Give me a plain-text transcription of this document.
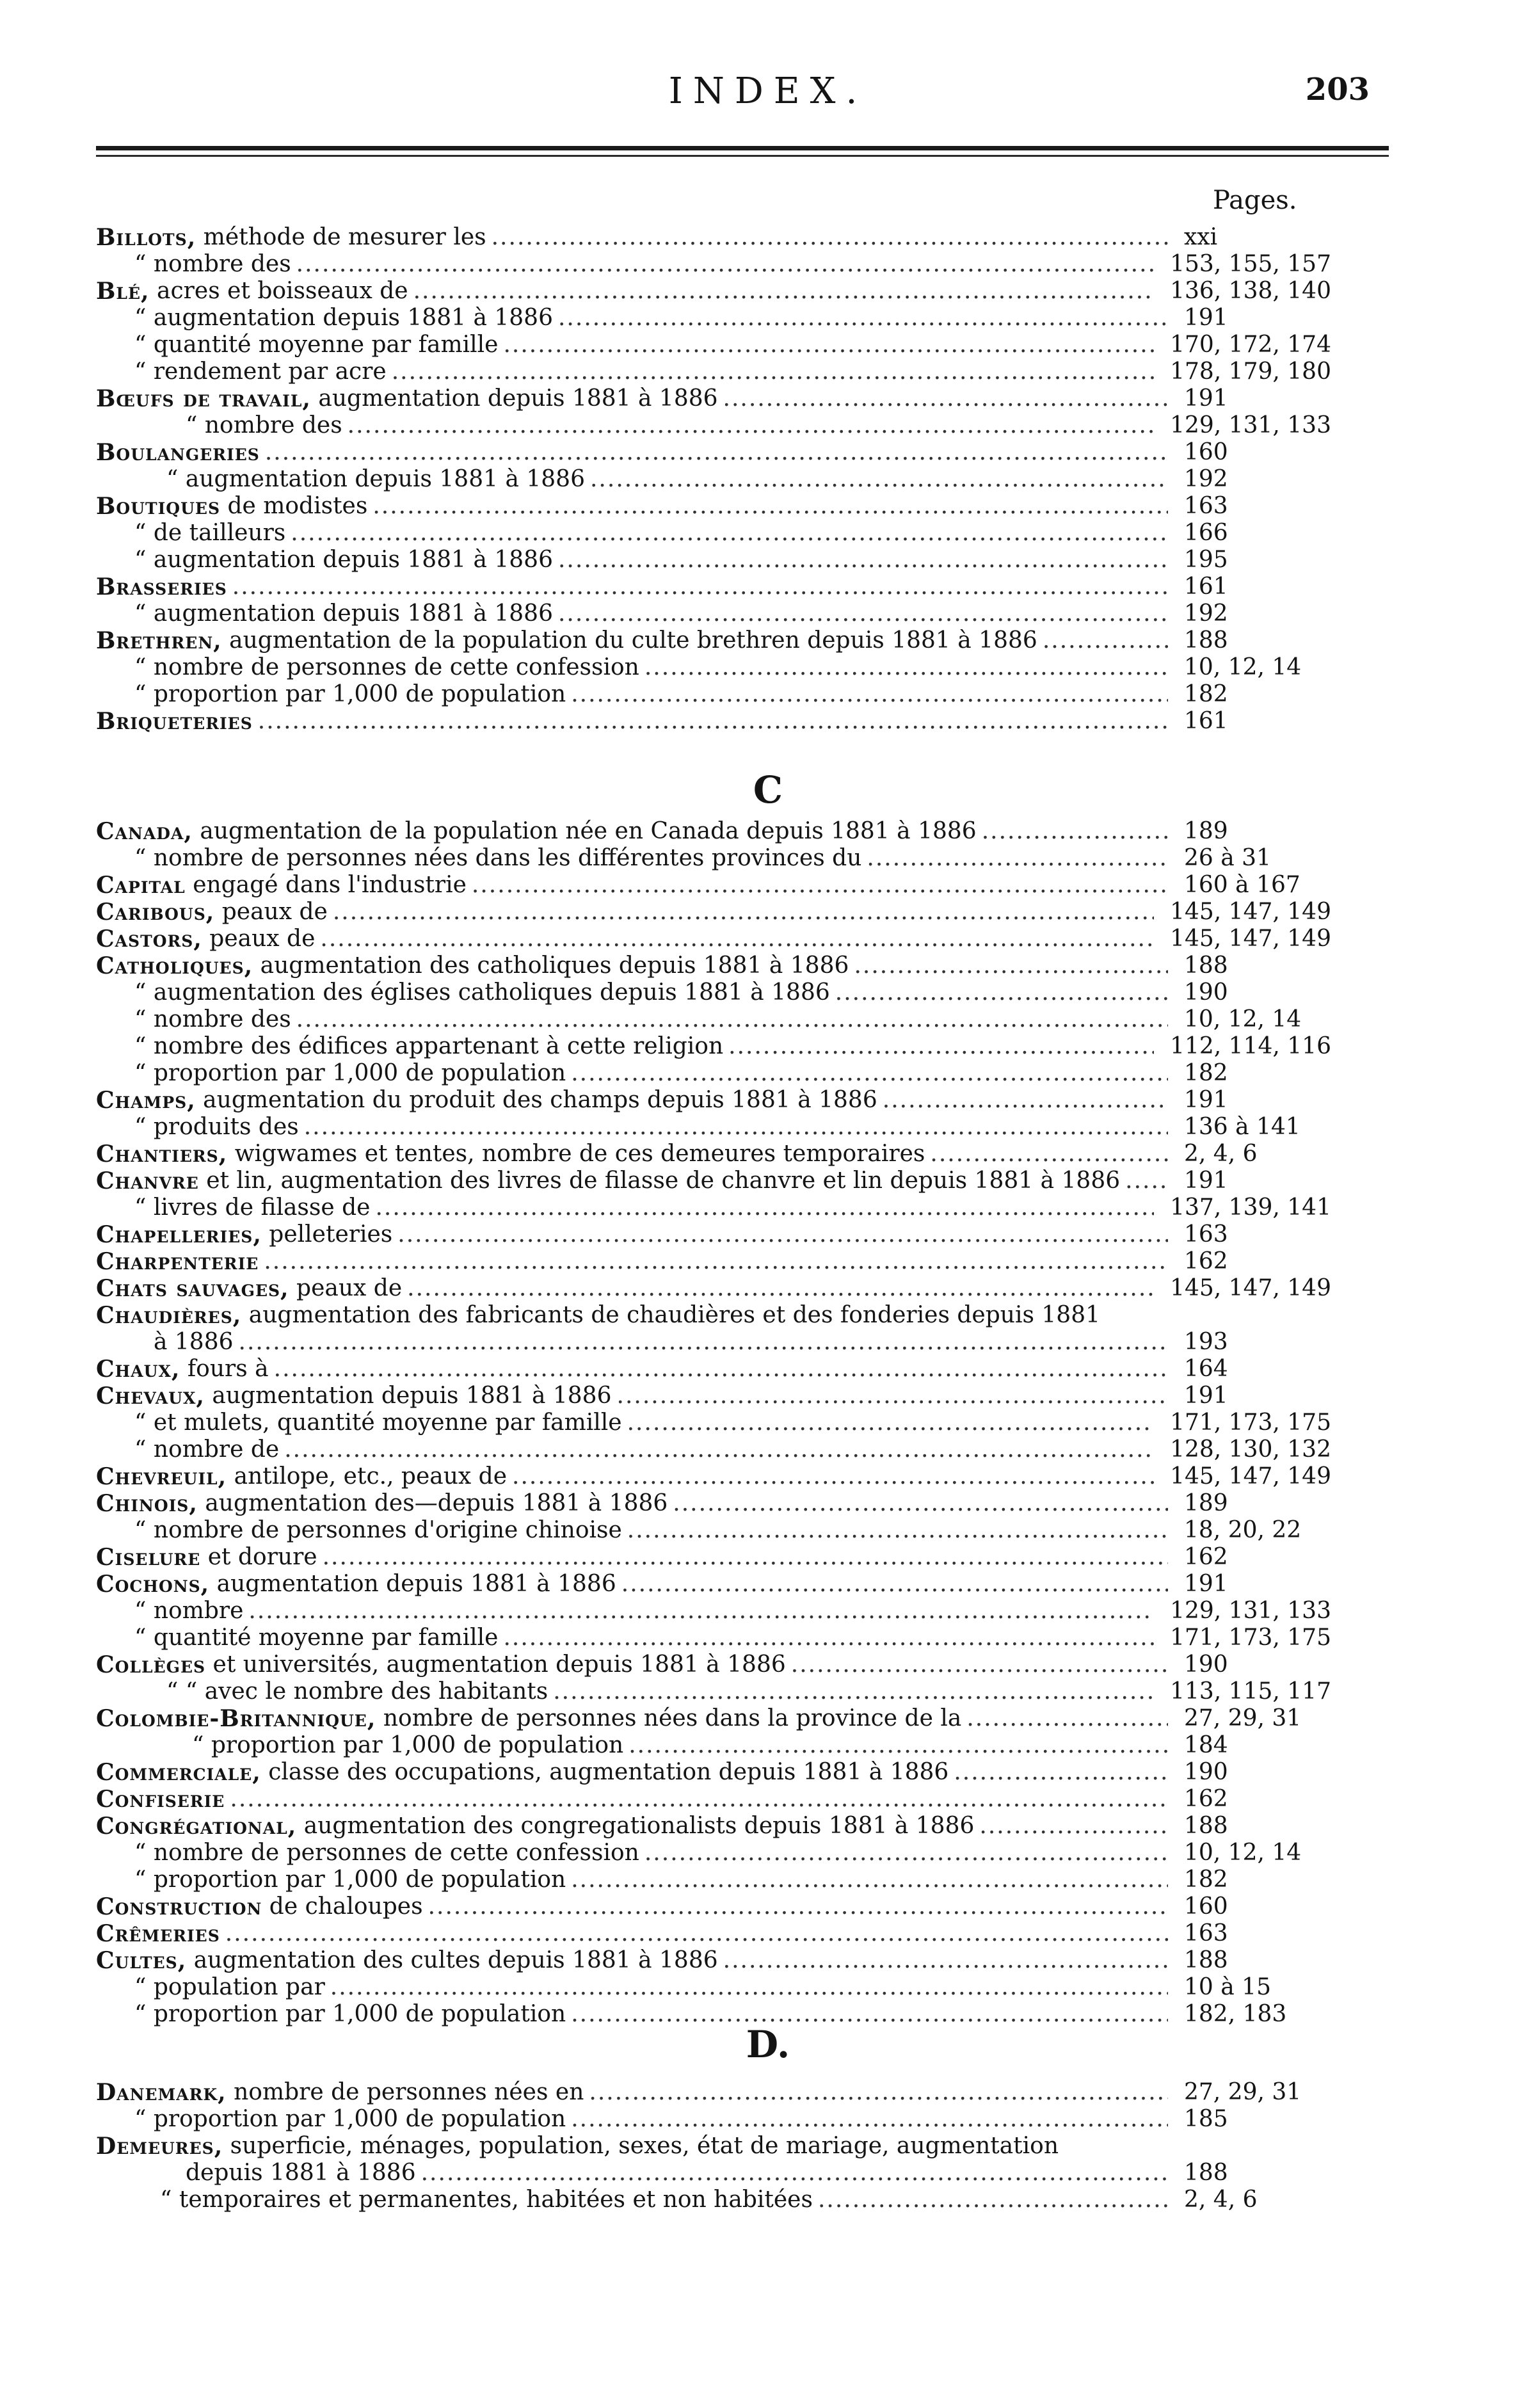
INDEX.	203
Pages.
Billots, méthode de mesurer les .....	xxi
“ nombre des .....	153, 155, 157
Blé, acres et boisseaux de .....	136, 138, 140
“ augmentation depuis 1881 à 1886 .....	191
“ quantité moyenne par famille .....	170, 172, 174
“ rendement par acre .....	178, 179, 180
Bœufs de travail, augmentation depuis 1881 à 1886 .....	191
“ nombre des .....	129, 131, 133
Boulangeries .....	160
“ augmentation depuis 1881 à 1886 .....	192
Boutiques de modistes .....	163
“ de tailleurs .....	166
“ augmentation depuis 1881 à 1886 .....	195
Brasseries .....	161
“ augmentation depuis 1881 à 1886 .....	192
Brethren, augmentation de la population du culte brethren depuis 1881 à 1886 .....	188
“ nombre de personnes de cette confession .....	10, 12, 14
“ proportion par 1,000 de population .....	182
Briqueteries .....	161
C
Canada, augmentation de la population née en Canada depuis 1881 à 1886 .....	189
“ nombre de personnes nées dans les différentes provinces du .....	26 à 31
Capital engagé dans l'industrie .....	160 à 167
Caribous, peaux de .....	145, 147, 149
Castors, peaux de .....	145, 147, 149
Catholiques, augmentation des catholiques depuis 1881 à 1886 .....	188
“ augmentation des églises catholiques depuis 1881 à 1886 .....	190
“ nombre des .....	10, 12, 14
“ nombre des édifices appartenant à cette religion .....	112, 114, 116
“ proportion par 1,000 de population .....	182
Champs, augmentation du produit des champs depuis 1881 à 1886 .....	191
“ produits des .....	136 à 141
Chantiers, wigwames et tentes, nombre de ces demeures temporaires .....	2, 4, 6
Chanvre et lin, augmentation des livres de filasse de chanvre et lin depuis 1881 à 1886 .....	191
“ livres de filasse de .....	137, 139, 141
Chapelleries, pelleteries .....	163
Charpenterie .....	162
Chats sauvages, peaux de .....	145, 147, 149
Chaudières, augmentation des fabricants de chaudières et des fonderies depuis 1881
à 1886 .....	193
Chaux, fours à .....	164
Chevaux, augmentation depuis 1881 à 1886 .....	191
“ et mulets, quantité moyenne par famille .....	171, 173, 175
“ nombre de .....	128, 130, 132
Chevreuil, antilope, etc., peaux de .....	145, 147, 149
Chinois, augmentation des—depuis 1881 à 1886 .....	189
“ nombre de personnes d'origine chinoise .....	18, 20, 22
Ciselure et dorure .....	162
Cochons, augmentation depuis 1881 à 1886 .....	191
“ nombre .....	129, 131, 133
“ quantité moyenne par famille .....	171, 173, 175
Collèges et universités, augmentation depuis 1881 à 1886 .....	190
“ “ avec le nombre des habitants .....	113, 115, 117
Colombie-Britannique, nombre de personnes nées dans la province de la .....	27, 29, 31
“ proportion par 1,000 de population .....	184
Commerciale, classe des occupations, augmentation depuis 1881 à 1886 .....	190
Confiserie .....	162
Congrégational, augmentation des congregationalists depuis 1881 à 1886 .....	188
“ nombre de personnes de cette confession .....	10, 12, 14
“ proportion par 1,000 de population .....	182
Construction de chaloupes .....	160
Crêmeries .....	163
Cultes, augmentation des cultes depuis 1881 à 1886 .....	188
“ population par .....	10 à 15
“ proportion par 1,000 de population .....	182, 183
D.
Danemark, nombre de personnes nées en .....	27, 29, 31
“ proportion par 1,000 de population .....	185
Demeures, superficie, ménages, population, sexes, état de mariage, augmentation
depuis 1881 à 1886 .....	188
“ temporaires et permanentes, habitées et non habitées .....	2, 4, 6
